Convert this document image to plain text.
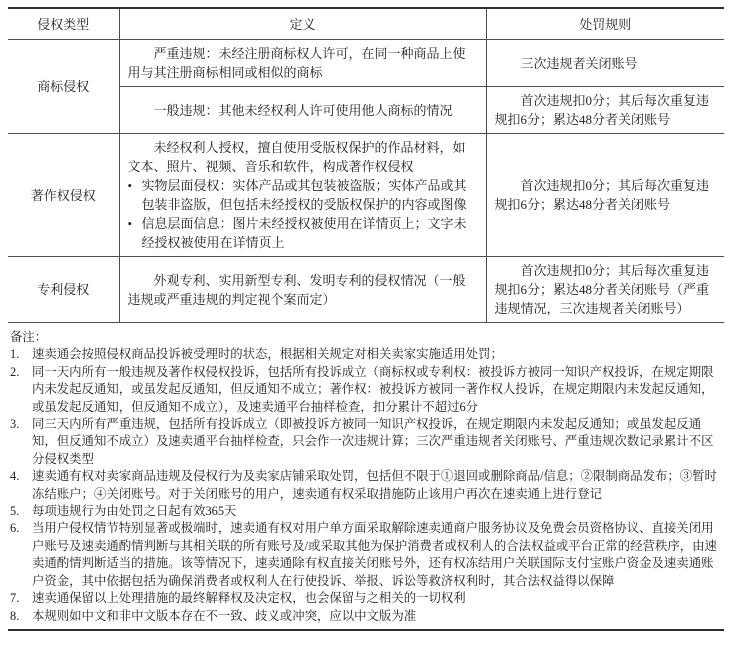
侵权类型	定义	处罚规则
商标侵权	严重违规：未经注册商标权人许可，在同一种商品上使用与其注册商标相同或相似的商标	三次违规者关闭账号

	一般违规：其他未经权利人许可使用他人商标的情况	首次违规扣0分；其后每次重复违规扣6分；累达48分者关闭账号

著作权侵权	未经权利人授权，擅自使用受版权保护的作品材料，如文本、照片、视频、音乐和软件，构成著作权侵权

• 实物层面侵权：实体产品或其包装被盗版；实体产品或其包装非盗版，但包括未经授权的受版权保护的内容或图像
• 信息层面信息：图片未经授权被使用在详情页上；文字未经授权被使用在详情页上	首次违规扣0分；其后每次重复违规扣6分；累达48分者关闭账号

专利侵权	外观专利、实用新型专利、发明专利的侵权情况（一般违规或严重违规的判定视个案而定）	首次违规扣0分；其后每次重复违规扣6分；累达48分者关闭账号（严重违规情况，三次违规者关闭账号）

备注：

1.	速卖通会按照侵权商品投诉被受理时的状态，根据相关规定对相关卖家实施适用处罚；
2.	同一天内所有一般违规及著作权侵权投诉，包括所有投诉成立（商标权或专利权：被投诉方被同一知识产权投诉，在规定期限内未发起反通知，或虽发起反通知，但反通知不成立；著作权：被投诉方被同一著作权人投诉，在规定期限内未发起反通知，或虽发起反通知，但反通知不成立），及速卖通平台抽样检查，扣分累计不超过6分
3.	同三天内所有严重违规，包括所有投诉成立（即被投诉方被同一知识产权投诉，在规定期限内未发起反通知；或虽发起反通知，但反通知不成立）及速卖通平台抽样检查，只会作一次违规计算；三次严重违规者关闭账号、严重违规次数记录累计不区分侵权类型
4.	速卖通有权对卖家商品违规及侵权行为及卖家店铺采取处罚，包括但不限于①退回或删除商品/信息；②限制商品发布；③暂时冻结账户；④关闭账号。对于关闭账号的用户，速卖通有权采取措施防止该用户再次在速卖通上进行登记
5.	每项违规行为由处罚之日起有效365天
6.	当用户侵权情节特别显著或极端时，速卖通有权对用户单方面采取解除速卖通商户服务协议及免费会员资格协议、直接关闭用户账号及速卖通酌情判断与其相关联的所有账号及/或采取其他为保护消费者或权利人的合法权益或平台正常的经营秩序，由速卖通酌情判断适当的措施。该等情况下，速卖通除有权直接关闭账号外，还有权冻结用户关联国际支付宝账户资金及速卖通账户资金，其中依据包括为确保消费者或权利人在行使投诉、举报、诉讼等救济权利时，其合法权益得以保障
7.	速卖通保留以上处理措施的最终解释权及决定权，也会保留与之相关的一切权利
8.	本规则如中文和非中文版本存在不一致、歧义或冲突，应以中文版为准
